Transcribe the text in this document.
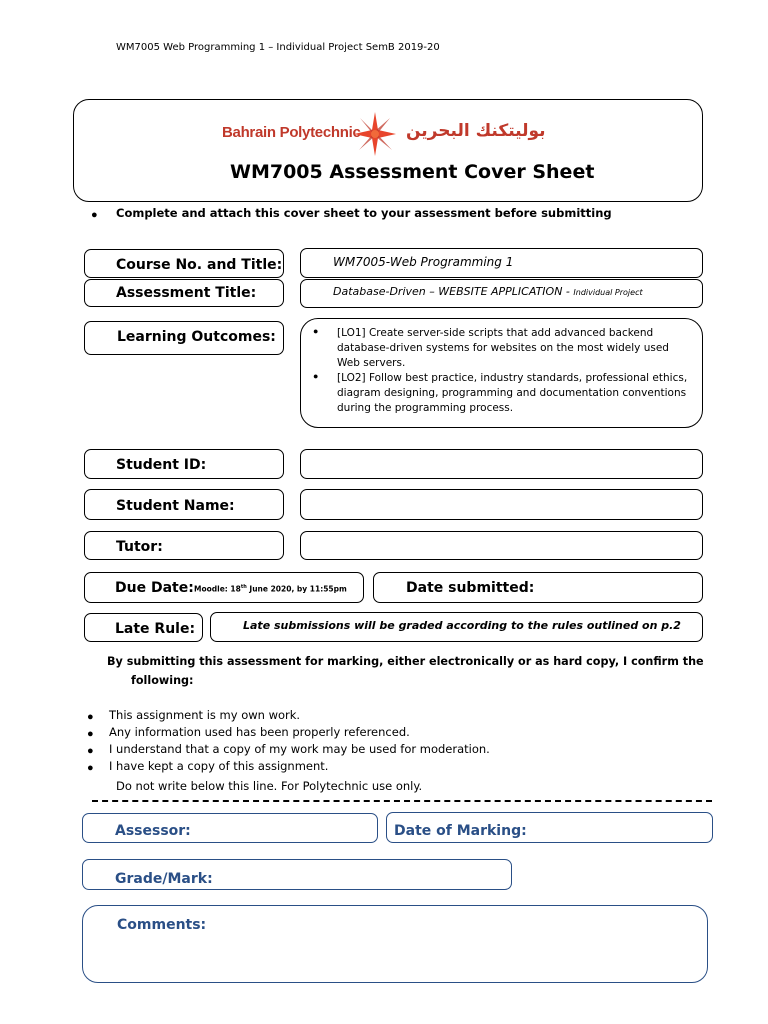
WM7005 Web Programming 1 – Individual Project SemB 2019-20
Bahrain Polytechnic	بوليتكنك البحرين
WM7005 Assessment Cover Sheet
● Complete and attach this cover sheet to your assessment before submitting
Course No. and Title:	WM7005-Web Programming 1
Assessment Title:	Database-Driven – WEBSITE APPLICATION - Individual Project
Learning Outcomes:	● [LO1] Create server-side scripts that add advanced backend
database-driven systems for websites on the most widely used
Web servers.
● [LO2] Follow best practice, industry standards, professional ethics,
diagram designing, programming and documentation conventions
during the programming process.
Student ID:
Student Name:
Tutor:
Due Date: Moodle: 18th June 2020, by 11:55pm	Date submitted:
Late Rule:	Late submissions will be graded according to the rules outlined on p.2
By submitting this assessment for marking, either electronically or as hard copy, I confirm the
following:
● This assignment is my own work.
● Any information used has been properly referenced.
● I understand that a copy of my work may be used for moderation.
● I have kept a copy of this assignment.
Do not write below this line. For Polytechnic use only.
Assessor:	Date of Marking:
Grade/Mark:
Comments:
